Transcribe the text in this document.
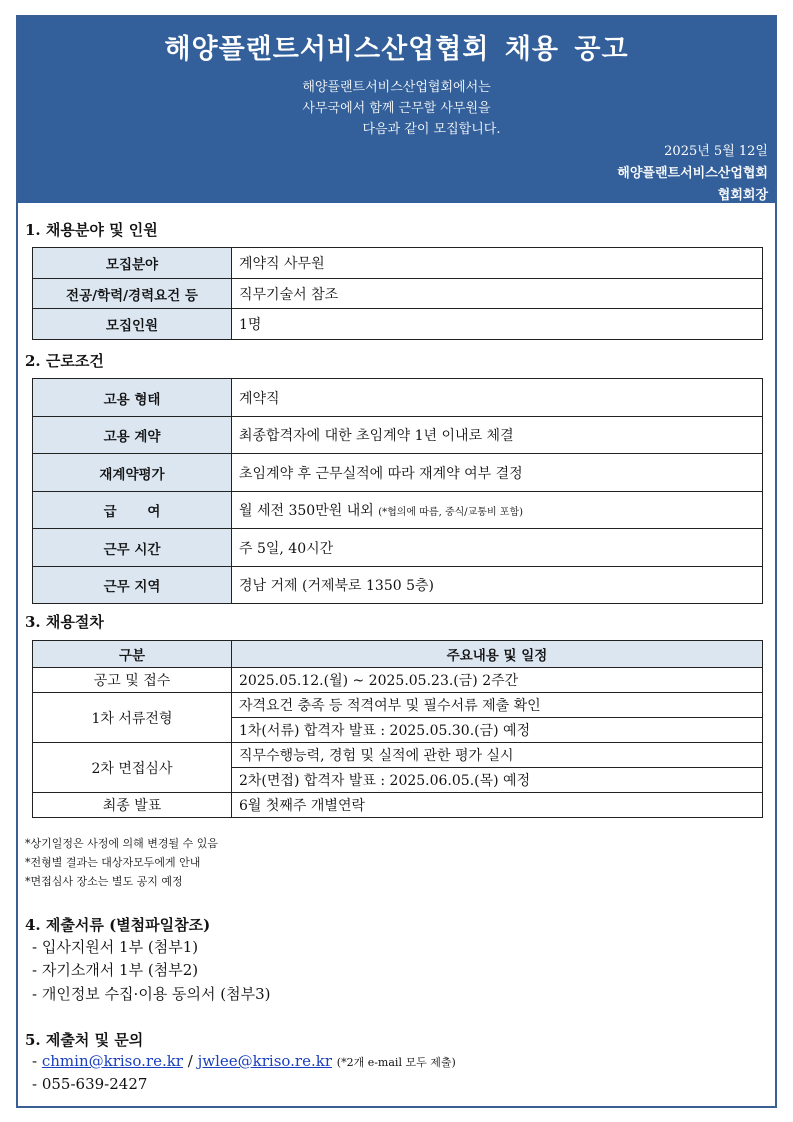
해양플랜트서비스산업협회 채용 공고
해양플랜트서비스산업협회에서는
사무국에서 함께 근무할 사무원을
다음과 같이 모집합니다.
2025년 5월 12일
해양플랜트서비스산업협회
협회회장
1. 채용분야 및 인원
모집분야	계약직 사무원
전공/학력/경력요건 등	직무기술서 참조
모집인원	1명
2. 근로조건
고용 형태	계약직
고용 계약	최종합격자에 대한 초임계약 1년 이내로 체결
재계약평가	초임계약 후 근무실적에 따라 재계약 여부 결정
급 여	월 세전 350만원 내외 (*협의에 따름, 중식/교통비 포함)
근무 시간	주 5일, 40시간
근무 지역	경남 거제 (거제북로 1350 5층)
3. 채용절차
구분	주요내용 및 일정
공고 및 접수	2025.05.12.(월) ~ 2025.05.23.(금) 2주간
1차 서류전형	자격요건 충족 등 적격여부 및 필수서류 제출 확인
	1차(서류) 합격자 발표 : 2025.05.30.(금) 예정
2차 면접심사	직무수행능력, 경험 및 실적에 관한 평가 실시
	2차(면접) 합격자 발표 : 2025.06.05.(목) 예정
최종 발표	6월 첫째주 개별연락
*상기일정은 사정에 의해 변경될 수 있음
*전형별 결과는 대상자모두에게 안내
*면접심사 장소는 별도 공지 예정
4. 제출서류 (별첨파일참조)
- 입사지원서 1부 (첨부1)
- 자기소개서 1부 (첨부2)
- 개인정보 수집·이용 동의서 (첨부3)
5. 제출처 및 문의
- chmin@kriso.re.kr / jwlee@kriso.re.kr (*2개 e-mail 모두 제출)
- 055-639-2427
